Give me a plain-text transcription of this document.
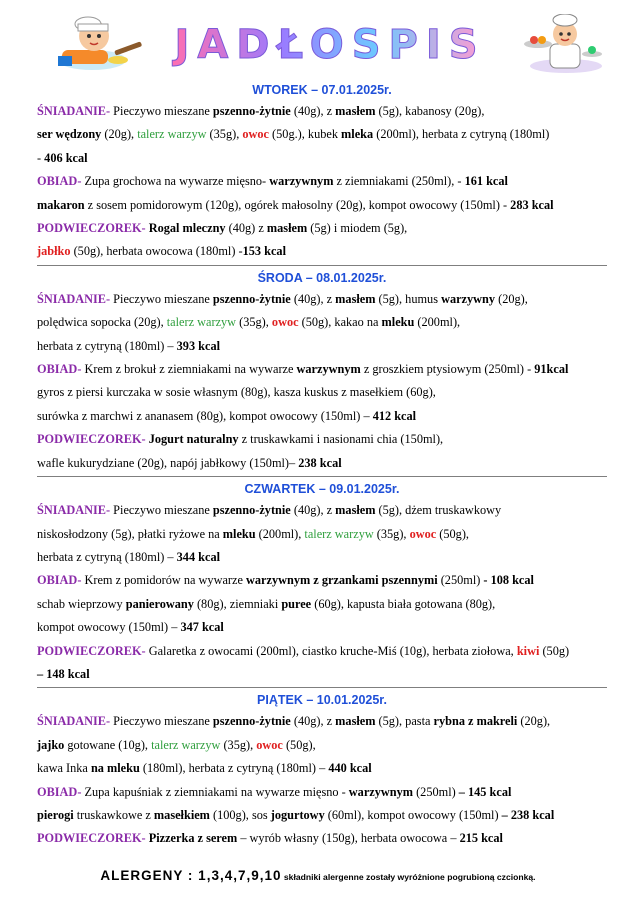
JADŁOSPIS
WTOREK – 07.01.2025r.
ŚNIADANIE- Pieczywo mieszane pszenno-żytnie (40g), z masłem (5g), kabanosy (20g),
ser wędzony (20g), talerz warzyw (35g), owoc (50g.), kubek mleka (200ml), herbata z cytryną (180ml)
- 406 kcal
OBIAD- Zupa grochowa na wywarze mięsno- warzywnym z ziemniakami (250ml), - 161 kcal
makaron z sosem pomidorowym (120g), ogórek małosolny (20g), kompot owocowy (150ml) - 283 kcal
PODWIECZOREK- Rogal mleczny (40g) z masłem (5g) i miodem (5g),
jabłko (50g), herbata owocowa (180ml) -153 kcal
ŚRODA – 08.01.2025r.
ŚNIADANIE- Pieczywo mieszane pszenno-żytnie (40g), z masłem (5g), humus warzywny (20g),
polędwica sopocka (20g), talerz warzyw (35g), owoc (50g), kakao na mleku (200ml),
herbata z cytryną (180ml) – 393 kcal
OBIAD- Krem z brokuł z ziemniakami na wywarze warzywnym z groszkiem ptysiowym (250ml) - 91kcal
gyros z piersi kurczaka w sosie własnym (80g), kasza kuskus z masełkiem (60g),
surówka z marchwi z ananasem (80g), kompot owocowy (150ml) – 412 kcal
PODWIECZOREK- Jogurt naturalny z truskawkami i nasionami chia (150ml),
wafle kukurydziane (20g), napój jabłkowy (150ml)– 238 kcal
CZWARTEK – 09.01.2025r.
ŚNIADANIE- Pieczywo mieszane pszenno-żytnie (40g), z masłem (5g), dżem truskawkowy
niskosłodzony (5g), płatki ryżowe na mleku (200ml), talerz warzyw (35g), owoc (50g),
herbata z cytryną (180ml) – 344 kcal
OBIAD- Krem z pomidorów na wywarze warzywnym z grzankami pszennymi (250ml) - 108 kcal
schab wieprzowy panierowany (80g), ziemniaki puree (60g), kapusta biała gotowana (80g),
kompot owocowy (150ml) – 347 kcal
PODWIECZOREK- Galaretka z owocami (200ml), ciastko kruche-Miś (10g), herbata ziołowa, kiwi (50g)
– 148 kcal
PIĄTEK – 10.01.2025r.
ŚNIADANIE- Pieczywo mieszane pszenno-żytnie (40g), z masłem (5g), pasta rybna z makreli (20g),
jajko gotowane (10g), talerz warzyw (35g), owoc (50g),
kawa Inka na mleku (180ml), herbata z cytryną (180ml) – 440 kcal
OBIAD- Zupa kapuśniak z ziemniakami na wywarze mięsno - warzywnym (250ml) – 145 kcal
pierogi truskawkowe z masełkiem (100g), sos jogurtowy (60ml), kompot owocowy (150ml) – 238 kcal
PODWIECZOREK- Pizzerka z serem – wyrób własny (150g), herbata owocowa – 215 kcal
ALERGENY : 1,3,4,7,9,10 składniki alergenne zostały wyróżnione pogrubioną czcionką.
